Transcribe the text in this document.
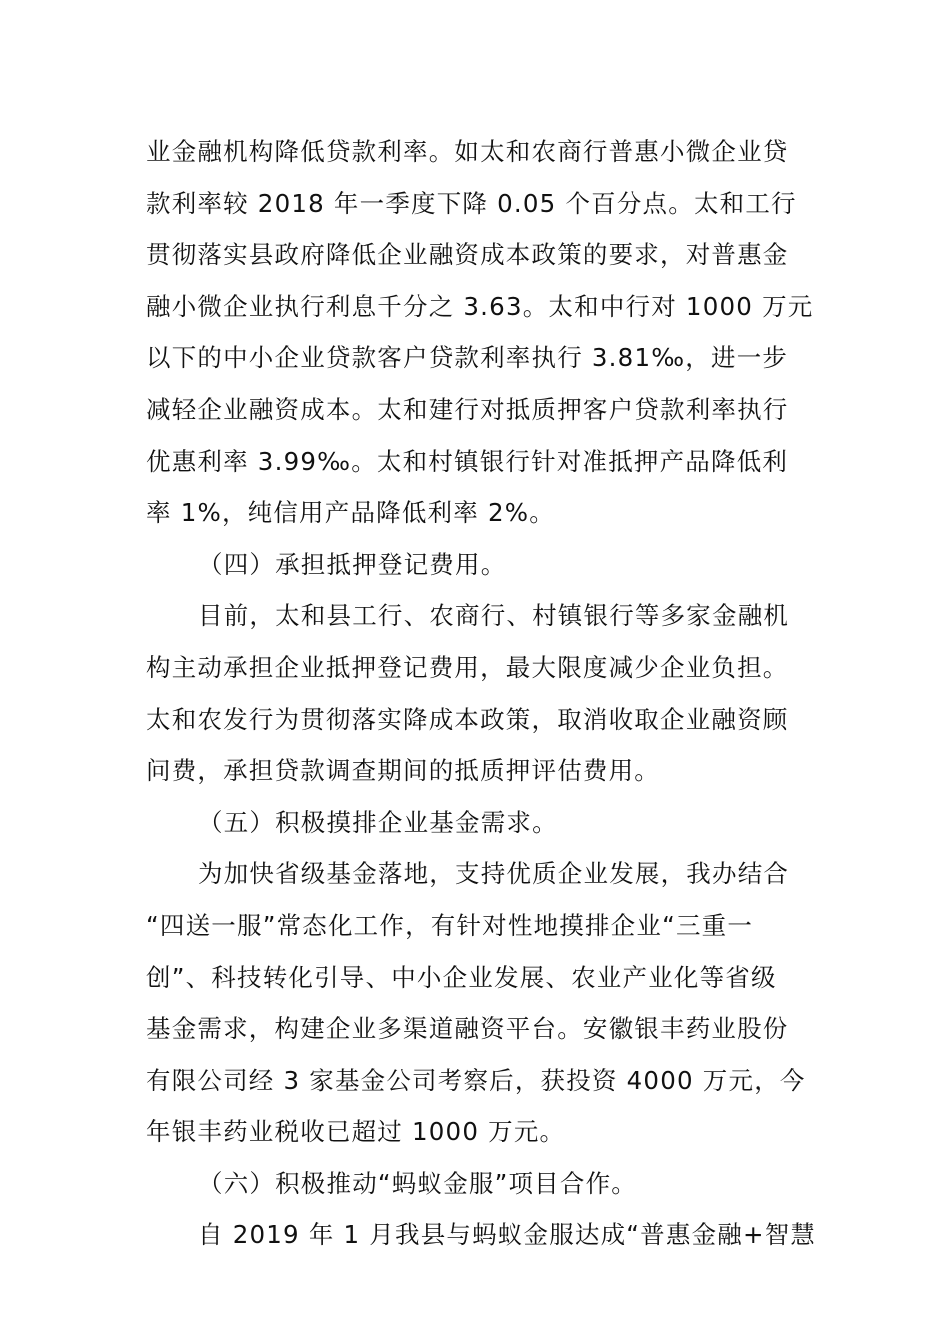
业金融机构降低贷款利率。如太和农商行普惠小微企业贷
款利率较 2018 年一季度下降 0.05 个百分点。太和工行
贯彻落实县政府降低企业融资成本政策的要求，对普惠金
融小微企业执行利息千分之 3.63。太和中行对 1000 万元
以下的中小企业贷款客户贷款利率执行 3.81‰，进一步
减轻企业融资成本。太和建行对抵质押客户贷款利率执行
优惠利率 3.99‰。太和村镇银行针对准抵押产品降低利
率 1%，纯信用产品降低利率 2%。
（四）承担抵押登记费用。
目前，太和县工行、农商行、村镇银行等多家金融机
构主动承担企业抵押登记费用，最大限度减少企业负担。
太和农发行为贯彻落实降成本政策，取消收取企业融资顾
问费，承担贷款调查期间的抵质押评估费用。
（五）积极摸排企业基金需求。
为加快省级基金落地，支持优质企业发展，我办结合
“四送一服”常态化工作，有针对性地摸排企业“三重一
创”、科技转化引导、中小企业发展、农业产业化等省级
基金需求，构建企业多渠道融资平台。安徽银丰药业股份
有限公司经 3 家基金公司考察后，获投资 4000 万元，今
年银丰药业税收已超过 1000 万元。
（六）积极推动“蚂蚁金服”项目合作。
自 2019 年 1 月我县与蚂蚁金服达成“普惠金融+智慧
